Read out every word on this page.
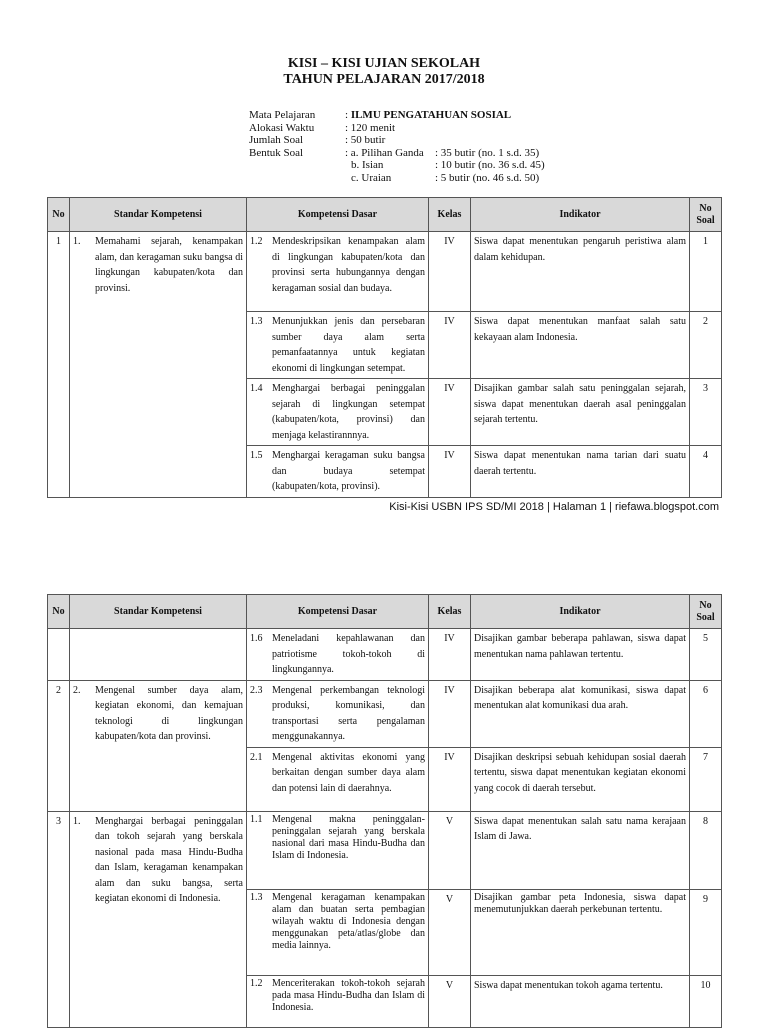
KISI – KISI UJIAN SEKOLAH
TAHUN PELAJARAN 2017/2018
Mata Pelajaran	: ILMU PENGATAHUAN SOSIAL
Alokasi Waktu	: 120 menit
Jumlah Soal	: 50 butir
Bentuk Soal	: a. Pilihan Ganda	: 35 butir (no. 1 s.d. 35)
b. Isian	: 10 butir (no. 36 s.d. 45)
c. Uraian	: 5 butir (no. 46 s.d. 50)
No	Standar Kompetensi	Kompetensi Dasar	Kelas	Indikator	No
Soal
1	1. Memahami sejarah, kenampakan alam, dan keragaman suku bangsa di lingkungan kabupaten/kota dan provinsi.	1.2 Mendeskripsikan kenampakan alam di lingkungan kabupaten/kota dan provinsi serta hubungannya dengan keragaman sosial dan budaya.	IV	Siswa dapat menentukan pengaruh peristiwa alam dalam kehidupan.	1

		1.3 Menunjukkan jenis dan persebaran sumber daya alam serta pemanfaatannya untuk kegiatan ekonomi di lingkungan setempat.	IV	Siswa dapat menentukan manfaat salah satu kekayaan alam Indonesia.	2

		1.4 Menghargai berbagai peninggalan sejarah di lingkungan setempat (kabupaten/kota, provinsi) dan menjaga kelastirannnya.	IV	Disajikan gambar salah satu peninggalan sejarah, siswa dapat menentukan daerah asal peninggalan sejarah tertentu.	3

		1.5 Menghargai keragaman suku bangsa dan budaya setempat (kabupaten/kota, provinsi).	IV	Siswa dapat menentukan nama tarian dari suatu daerah tertentu.	4
Kisi-Kisi USBN IPS SD/MI 2018 | Halaman 1 | riefawa.blogspot.com
No	Standar Kompetensi	Kompetensi Dasar	Kelas	Indikator	No
Soal

		1.6 Meneladani kepahlawanan dan patriotisme tokoh-tokoh di lingkungannya.	IV	Disajikan gambar beberapa pahlawan, siswa dapat menentukan nama pahlawan tertentu.	5
2	2. Mengenal sumber daya alam, kegiatan ekonomi, dan kemajuan teknologi di lingkungan kabupaten/kota dan provinsi.	2.3 Mengenal perkembangan teknologi produksi, komunikasi, dan transportasi serta pengalaman menggunakannya.	IV	Disajikan beberapa alat komunikasi, siswa dapat menentukan alat komunikasi dua arah.	6

		2.1 Mengenal aktivitas ekonomi yang berkaitan dengan sumber daya alam dan potensi lain di daerahnya.	IV	Disajikan deskripsi sebuah kehidupan sosial daerah tertentu, siswa dapat menentukan kegiatan ekonomi yang cocok di daerah tersebut.	7
3	1. Menghargai berbagai peninggalan dan tokoh sejarah yang berskala nasional pada masa Hindu-Budha dan Islam, keragaman kenampakan alam dan suku bangsa, serta kegiatan ekonomi di Indonesia.	1.1 Mengenal makna peninggalan-peninggalan sejarah yang berskala nasional dari masa Hindu-Budha dan Islam di Indonesia.	V	Siswa dapat menentukan salah satu nama kerajaan Islam di Jawa.	8

		1.3 Mengenal keragaman kenampakan alam dan buatan serta pembagian wilayah waktu di Indonesia dengan menggunakan peta/atlas/globe dan media lainnya.	V	Disajikan gambar peta Indonesia, siswa dapat menemutunjukkan daerah perkebunan tertentu.	9

		1.2 Menceriterakan tokoh-tokoh sejarah pada masa Hindu-Budha dan Islam di Indonesia.	V	Siswa dapat menentukan tokoh agama tertentu.	10
